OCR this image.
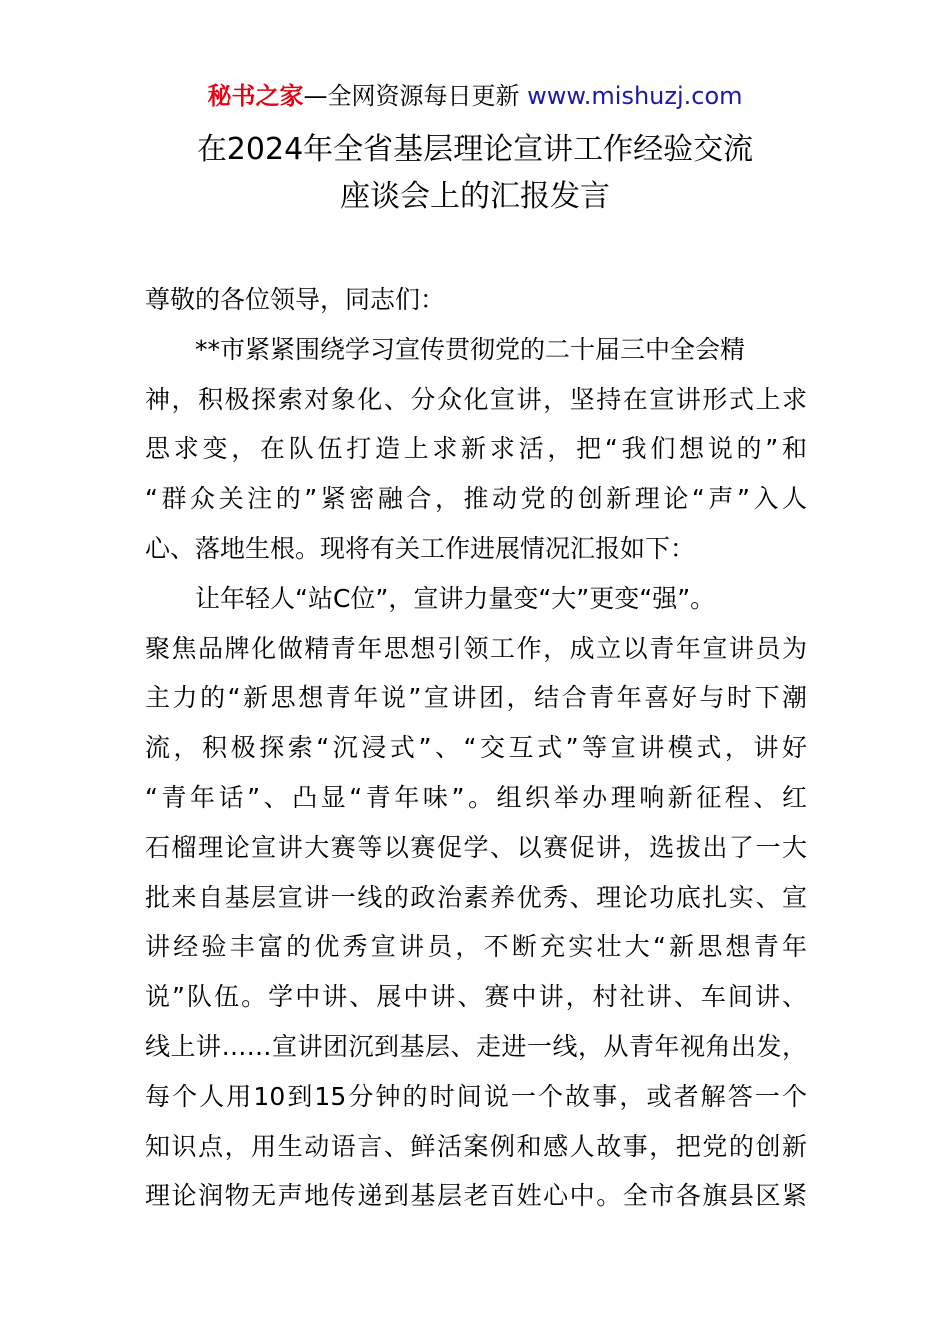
秘书之家—全网资源每日更新 www.mishuzj.com
在2024年全省基层理论宣讲工作经验交流
座谈会上的汇报发言
尊敬的各位领导，同志们：
**市紧紧围绕学习宣传贯彻党的二十届三中全会精
神，积极探索对象化、分众化宣讲，坚持在宣讲形式上求
思求变，在队伍打造上求新求活，把“我们想说的”和
“群众关注的”紧密融合，推动党的创新理论“声”入人
心、落地生根。现将有关工作进展情况汇报如下：
让年轻人“站C位”，宣讲力量变“大”更变“强”。
聚焦品牌化做精青年思想引领工作，成立以青年宣讲员为
主力的“新思想青年说”宣讲团，结合青年喜好与时下潮
流，积极探索“沉浸式”、“交互式”等宣讲模式，讲好
“青年话”、凸显“青年味”。组织举办理响新征程、红
石榴理论宣讲大赛等以赛促学、以赛促讲，选拔出了一大
批来自基层宣讲一线的政治素养优秀、理论功底扎实、宣
讲经验丰富的优秀宣讲员，不断充实壮大“新思想青年
说”队伍。学中讲、展中讲、赛中讲，村社讲、车间讲、
线上讲……宣讲团沉到基层、走进一线，从青年视角出发，
每个人用10到15分钟的时间说一个故事，或者解答一个
知识点，用生动语言、鲜活案例和感人故事，把党的创新
理论润物无声地传递到基层老百姓心中。全市各旗县区紧
